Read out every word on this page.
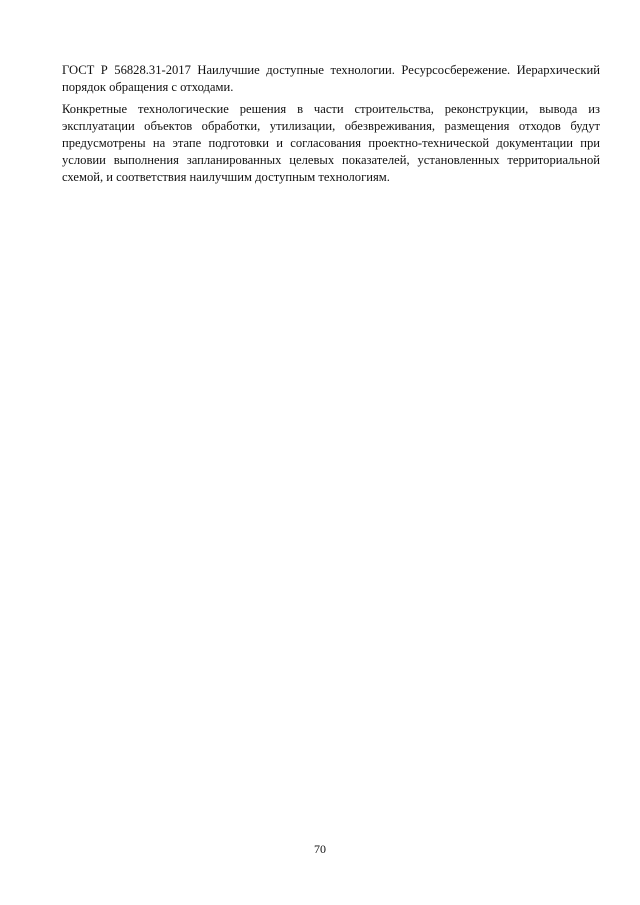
ГОСТ Р 56828.31-2017 Наилучшие доступные технологии. Ресурсосбережение. Иерархический порядок обращения с отходами.

Конкретные технологические решения в части строительства, реконструкции, вывода из эксплуатации объектов обработки, утилизации, обезвреживания, размещения отходов будут предусмотрены на этапе подготовки и согласования проектно-технической документации при условии выполнения запланированных целевых показателей, установленных территориальной схемой, и соответствия наилучшим доступным технологиям.

70
